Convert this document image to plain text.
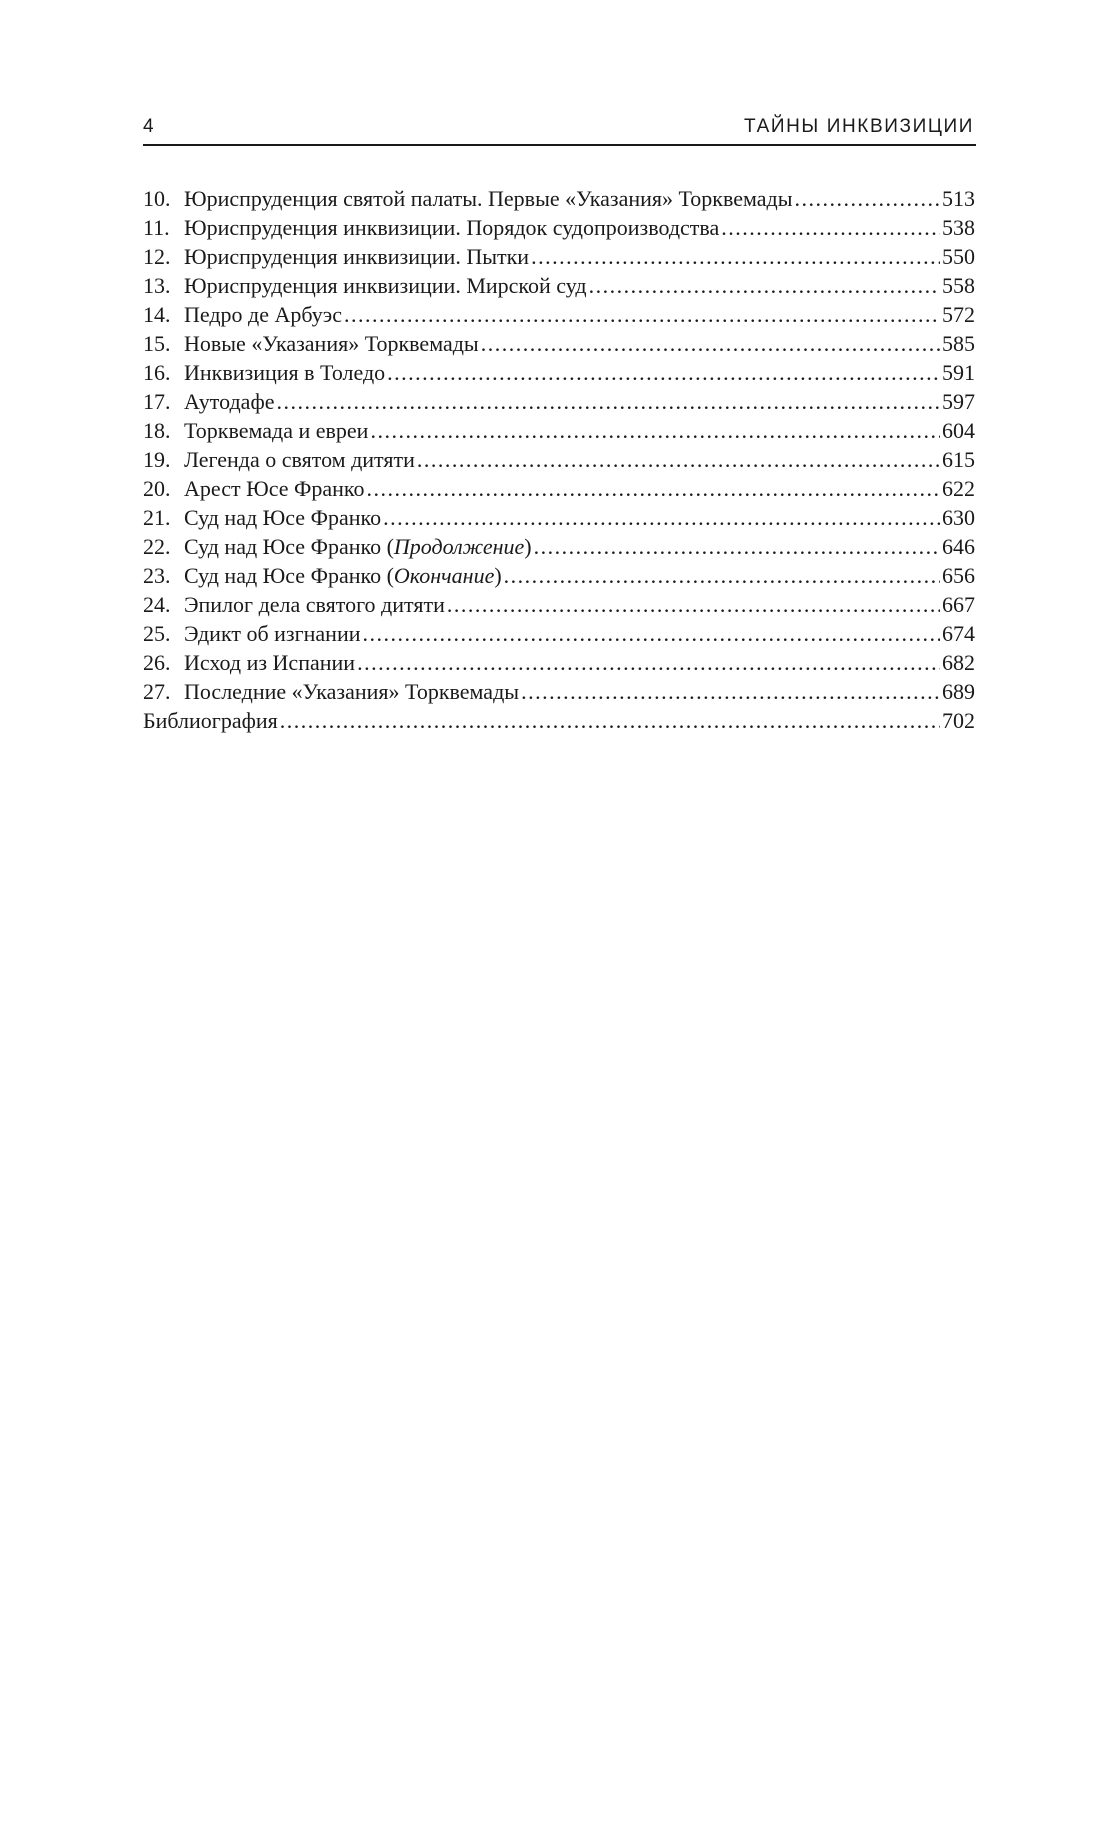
4	ТАЙНЫ ИНКВИЗИЦИИ
10. Юриспруденция святой палаты. Первые «Указания» Торквемады .....	513
11. Юриспруденция инквизиции. Порядок судопроизводства .....	538
12. Юриспруденция инквизиции. Пытки .....	550
13. Юриспруденция инквизиции. Мирской суд .....	558
14. Педро де Арбуэс .....	572
15. Новые «Указания» Торквемады .....	585
16. Инквизиция в Толедо .....	591
17. Аутодафе .....	597
18. Торквемада и евреи .....	604
19. Легенда о святом дитяти .....	615
20. Арест Юсе Франко .....	622
21. Суд над Юсе Франко .....	630
22. Суд над Юсе Франко (Продолжение) .....	646
23. Суд над Юсе Франко (Окончание) .....	656
24. Эпилог дела святого дитяти .....	667
25. Эдикт об изгнании .....	674
26. Исход из Испании .....	682
27. Последние «Указания» Торквемады .....	689
Библиография .....	702
